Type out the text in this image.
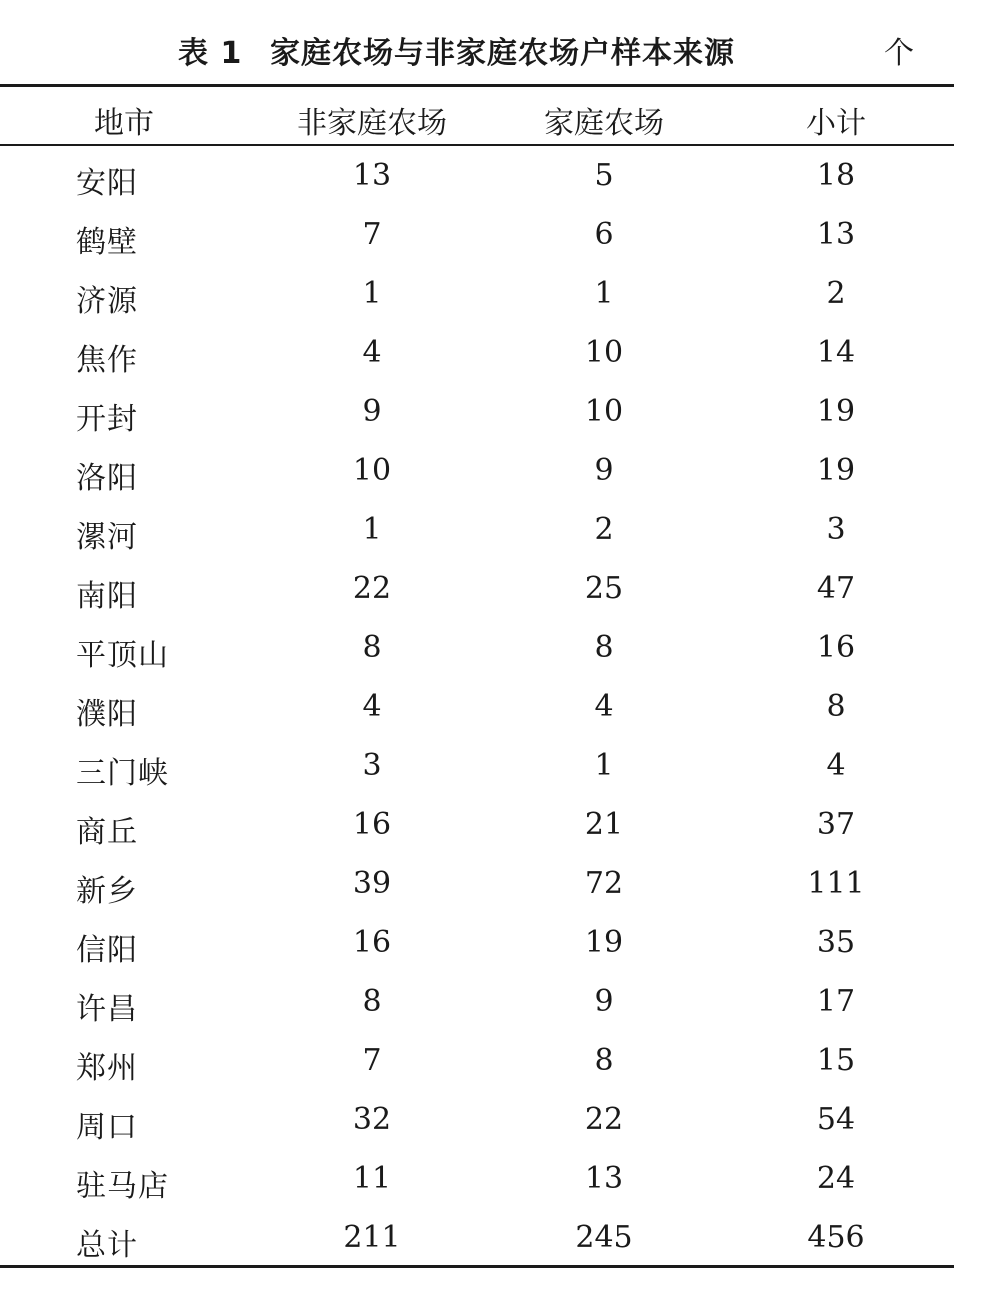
表 1 家庭农场与非家庭农场户样本来源	个
地市	非家庭农场	家庭农场	小计
安阳	13	5	18
鹤壁	7	6	13
济源	1	1	2
焦作	4	10	14
开封	9	10	19
洛阳	10	9	19
漯河	1	2	3
南阳	22	25	47
平顶山	8	8	16
濮阳	4	4	8
三门峡	3	1	4
商丘	16	21	37
新乡	39	72	111
信阳	16	19	35
许昌	8	9	17
郑州	7	8	15
周口	32	22	54
驻马店	11	13	24
总计	211	245	456
